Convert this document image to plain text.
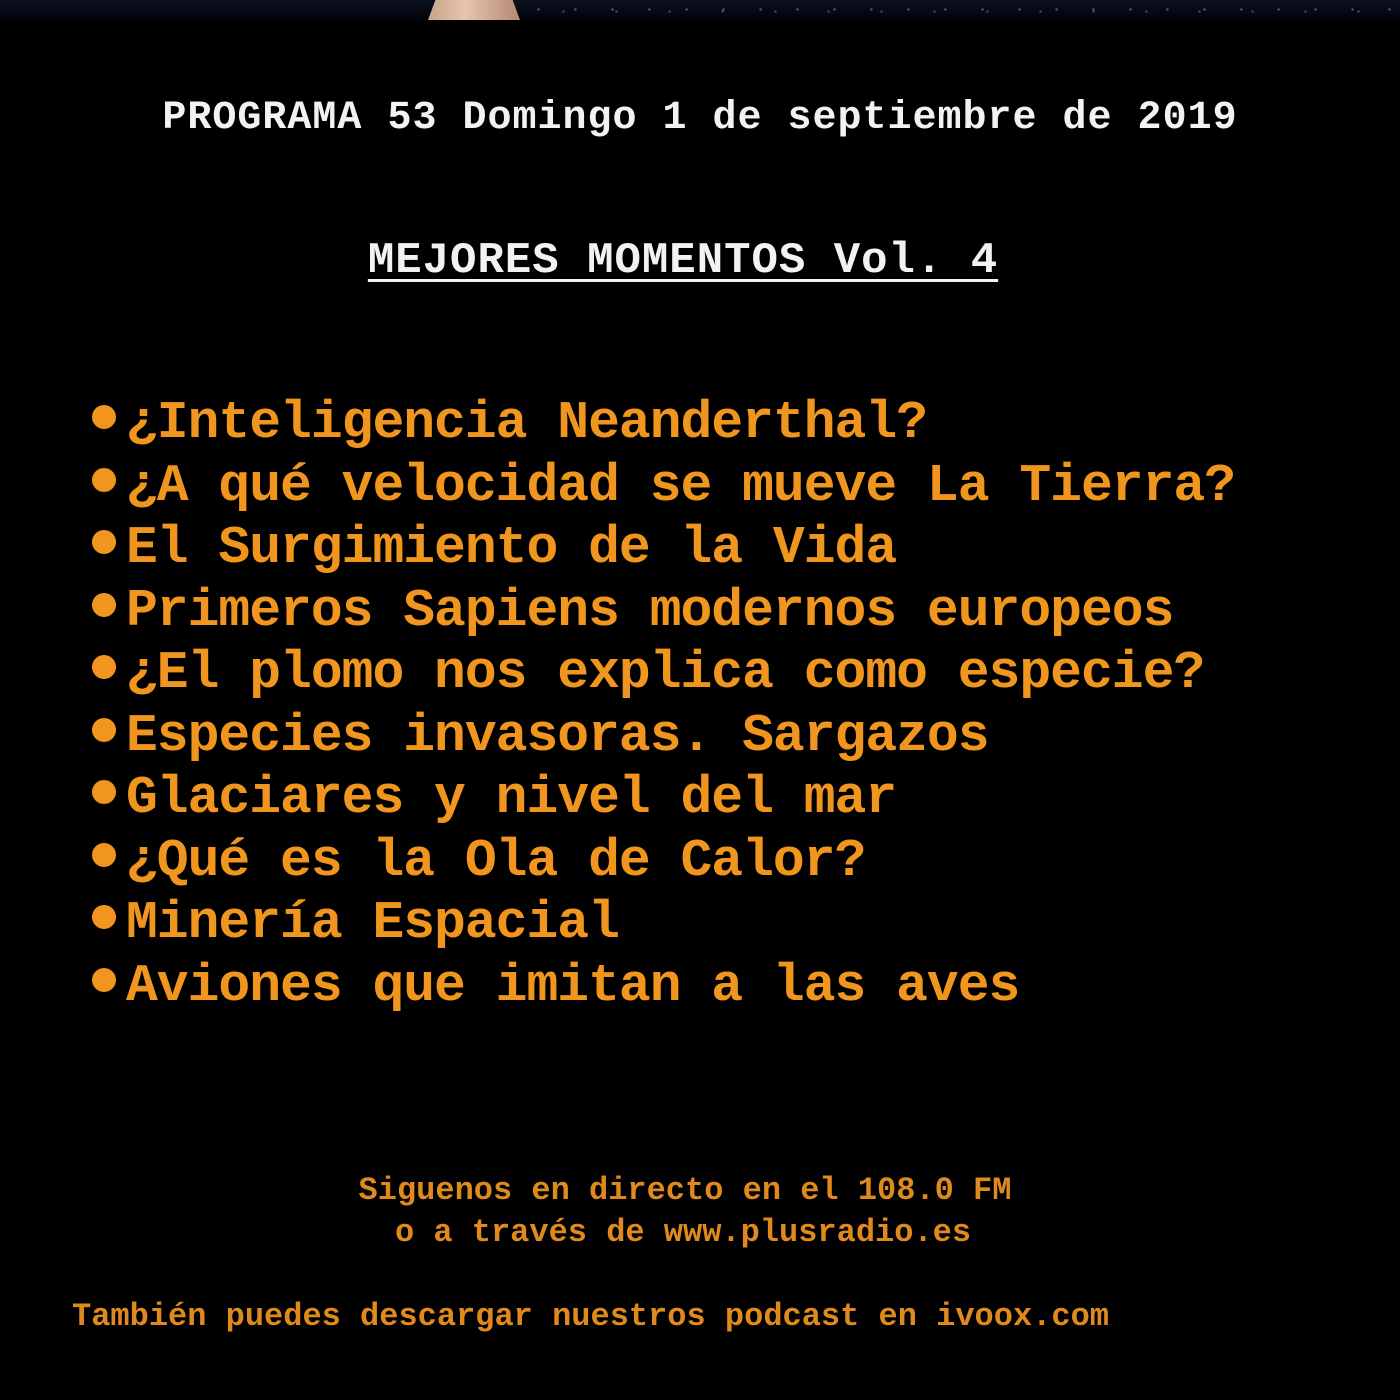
PROGRAMA 53 Domingo 1 de septiembre de 2019
MEJORES MOMENTOS Vol. 4
¿Inteligencia Neanderthal?
¿A qué velocidad se mueve La Tierra?
El Surgimiento de la Vida
Primeros Sapiens modernos europeos
¿El plomo nos explica como especie?
Especies invasoras. Sargazos
Glaciares y nivel del mar
¿Qué es la Ola de Calor?
Minería Espacial
Aviones que imitan a las aves
Siguenos en directo en el 108.0 FM
o a través de www.plusradio.es
También puedes descargar nuestros podcast en ivoox.com
